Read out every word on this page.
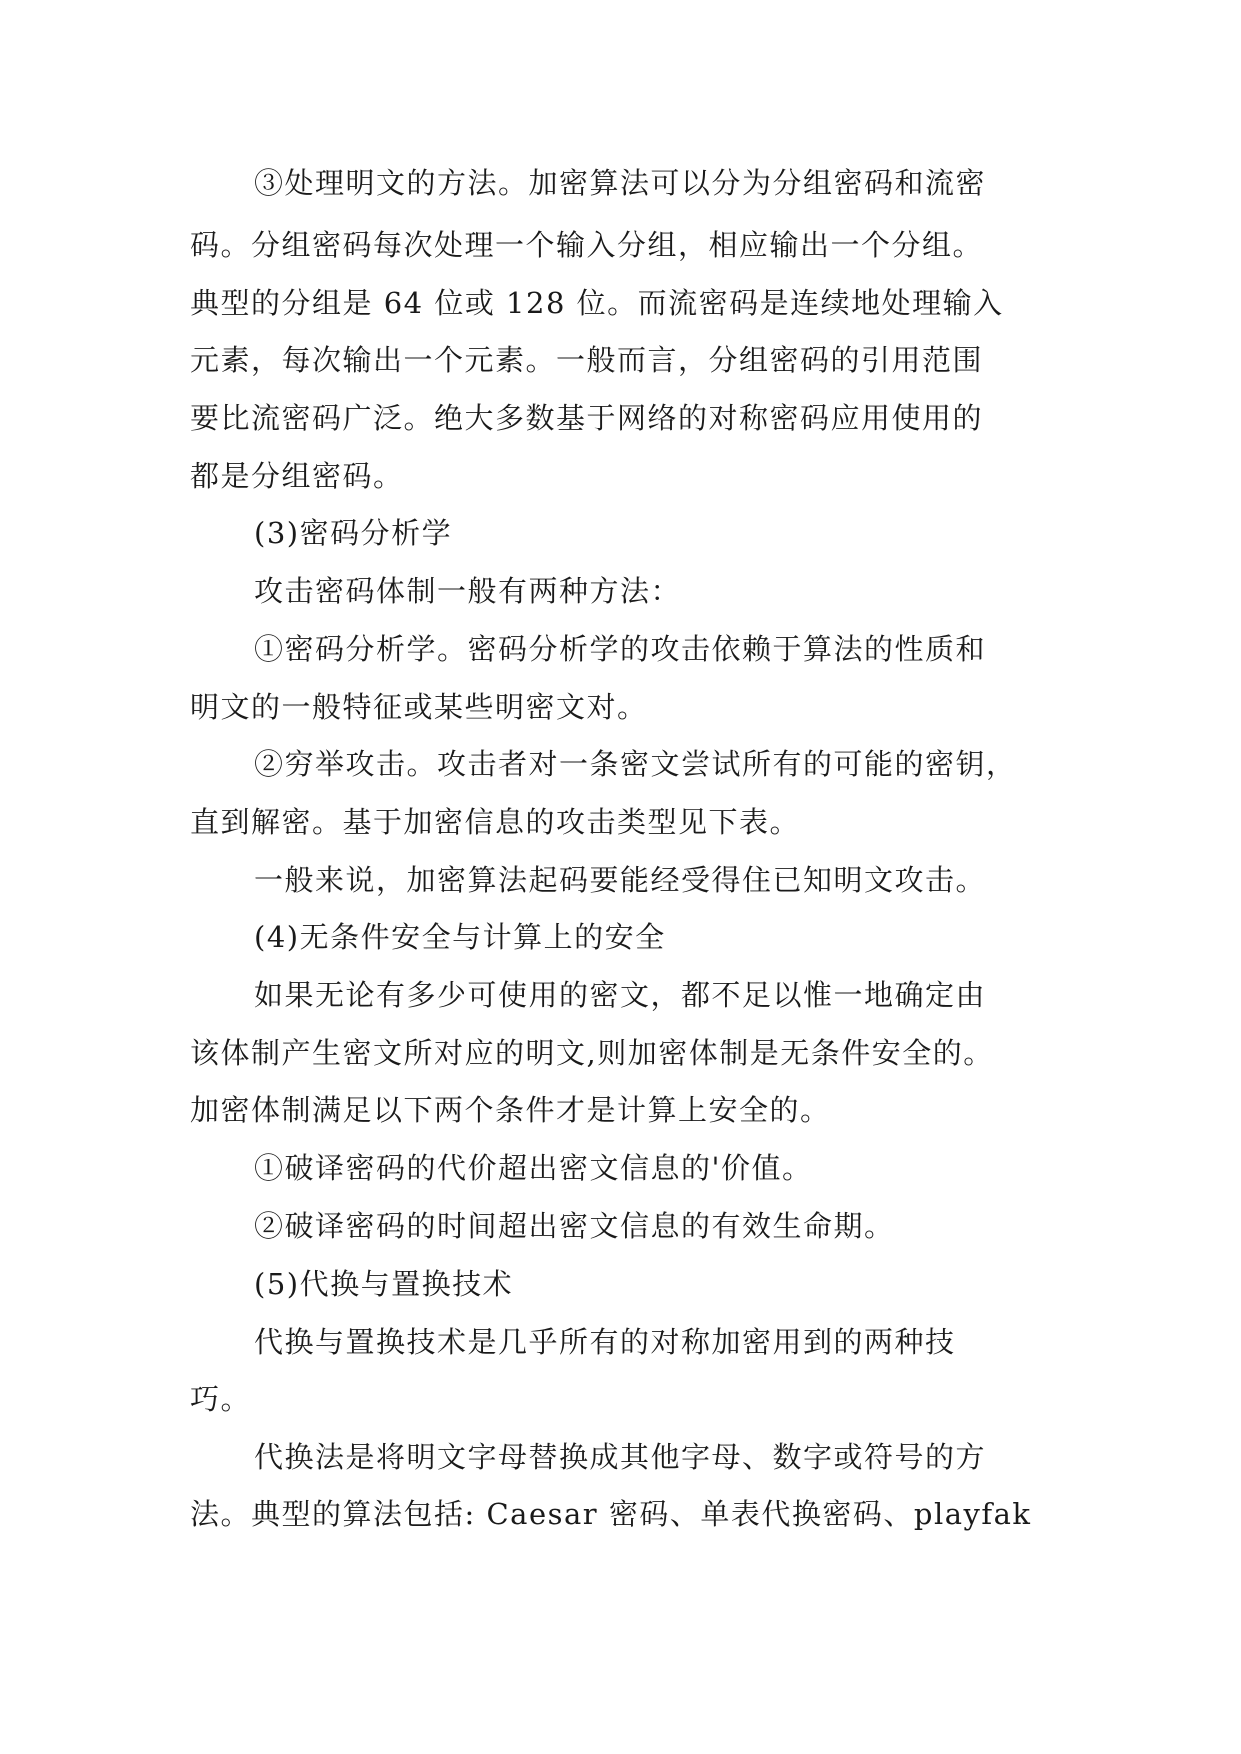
③处理明文的方法。加密算法可以分为分组密码和流密
码。分组密码每次处理一个输入分组，相应输出一个分组。
典型的分组是 64 位或 128 位。而流密码是连续地处理输入
元素，每次输出一个元素。一般而言，分组密码的引用范围
要比流密码广泛。绝大多数基于网络的对称密码应用使用的
都是分组密码。
(3)密码分析学
攻击密码体制一般有两种方法：
①密码分析学。密码分析学的攻击依赖于算法的性质和
明文的一般特征或某些明密文对。
②穷举攻击。攻击者对一条密文尝试所有的可能的密钥，
直到解密。基于加密信息的攻击类型见下表。
一般来说，加密算法起码要能经受得住已知明文攻击。
(4)无条件安全与计算上的安全
如果无论有多少可使用的密文，都不足以惟一地确定由
该体制产生密文所对应的明文,则加密体制是无条件安全的。
加密体制满足以下两个条件才是计算上安全的。
①破译密码的代价超出密文信息的'价值。
②破译密码的时间超出密文信息的有效生命期。
(5)代换与置换技术
代换与置换技术是几乎所有的对称加密用到的两种技
巧。
代换法是将明文字母替换成其他字母、数字或符号的方
法。典型的算法包括: Caesar 密码、单表代换密码、playfak
